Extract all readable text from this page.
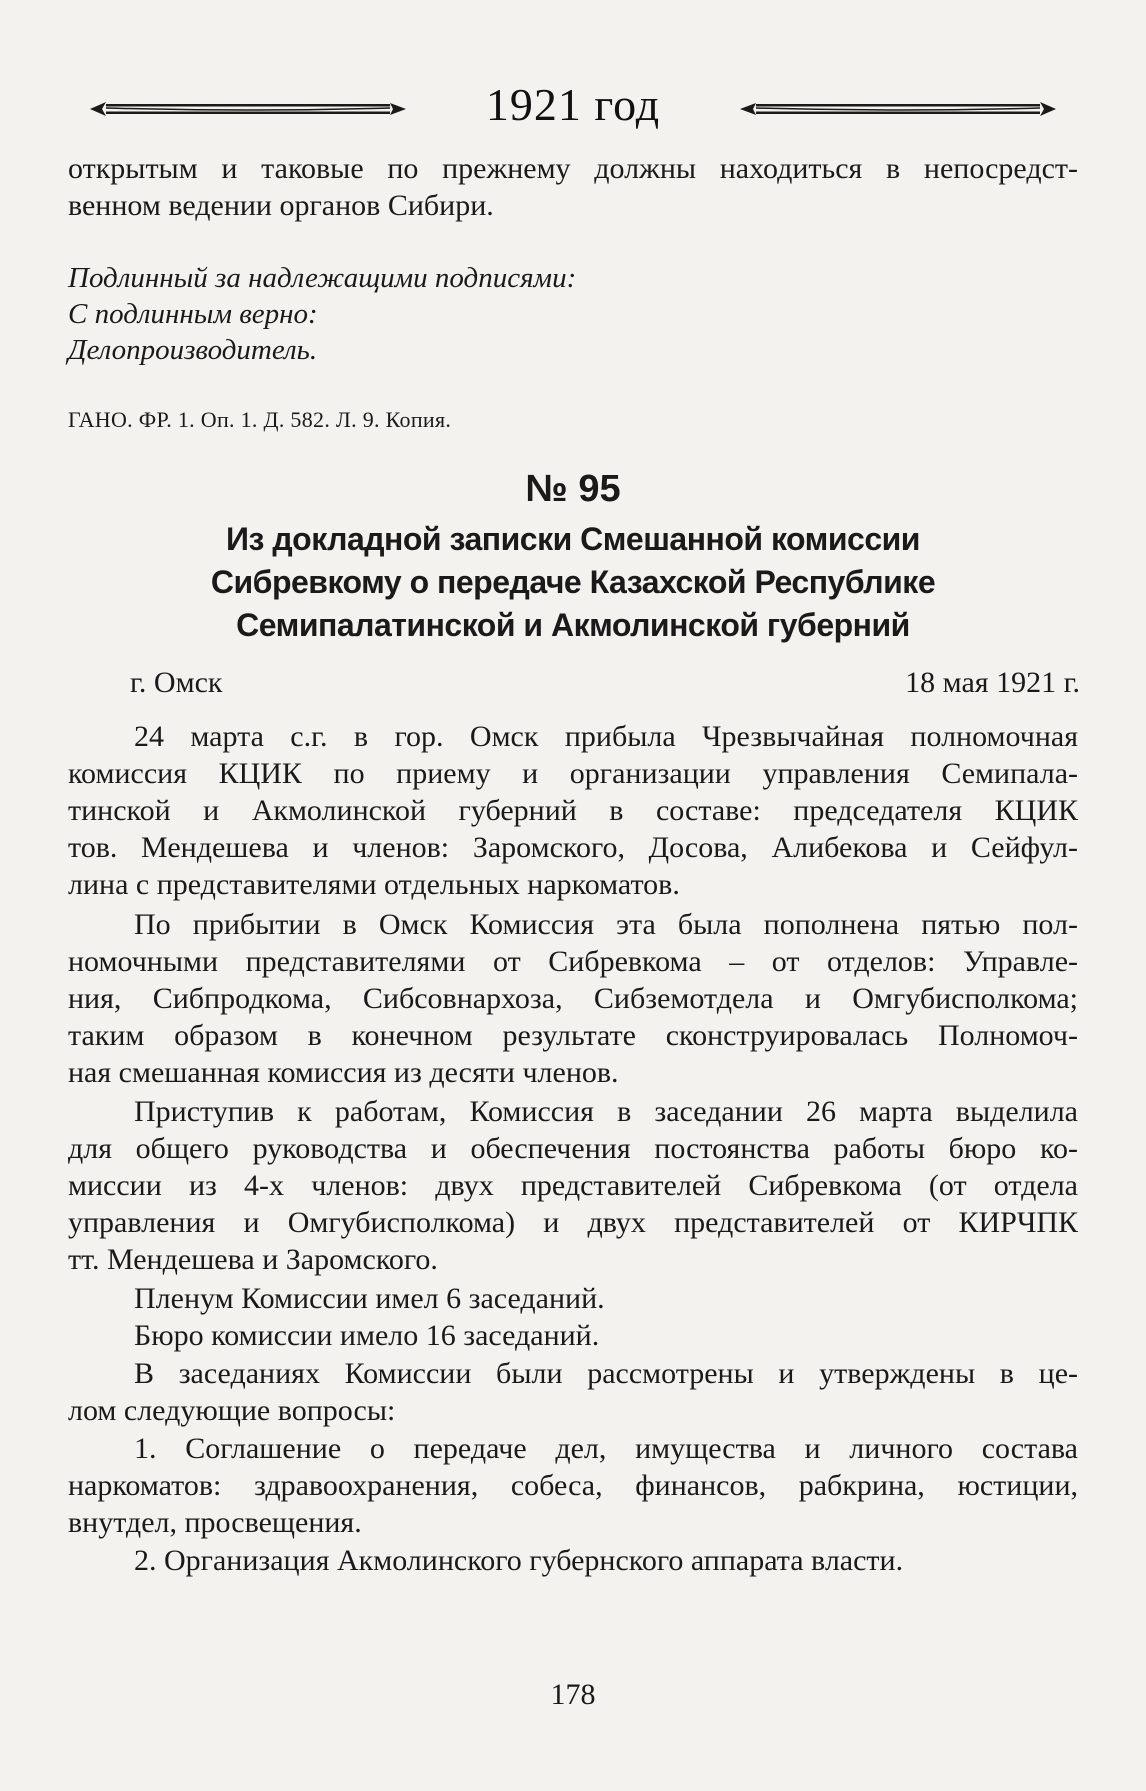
1921 год

открытым и таковые по прежнему должны находиться в непосредст-

венном ведении органов Сибири.

Подлинный за надлежащими подписями:

С подлинным верно:

Делопроизводитель.

ГАНО. ФР. 1. Оп. 1. Д. 582. Л. 9. Копия.
№ 95

Из докладной записки Смешанной комиссии

Сибревкому о передаче Казахской Республике

Семипалатинской и Акмолинской губерний

г. Омск	18 мая 1921 г.

24 марта с.г. в гор. Омск прибыла Чрезвычайная полномочная

комиссия КЦИК по приему и организации управления Семипала-

тинской и Акмолинской губерний в составе: председателя КЦИК

тов. Мендешева и членов: Заромского, Досова, Алибекова и Сейфул-

лина с представителями отдельных наркоматов.

По прибытии в Омск Комиссия эта была пополнена пятью пол-

номочными представителями от Сибревкома – от отделов: Управле-

ния, Сибпродкома, Сибсовнархоза, Сибземотдела и Омгубисполкома;

таким образом в конечном результате сконструировалась Полномоч-

ная смешанная комиссия из десяти членов.

Приступив к работам, Комиссия в заседании 26 марта выделила

для общего руководства и обеспечения постоянства работы бюро ко-

миссии из 4-х членов: двух представителей Сибревкома (от отдела

управления и Омгубисполкома) и двух представителей от КИРЧПК

тт. Мендешева и Заромского.

Пленум Комиссии имел 6 заседаний.

Бюро комиссии имело 16 заседаний.

В заседаниях Комиссии были рассмотрены и утверждены в це-

лом следующие вопросы:

1. Соглашение о передаче дел, имущества и личного состава

наркоматов: здравоохранения, собеса, финансов, рабкрина, юстиции,

внутдел, просвещения.

2. Организация Акмолинского губернского аппарата власти.

178
